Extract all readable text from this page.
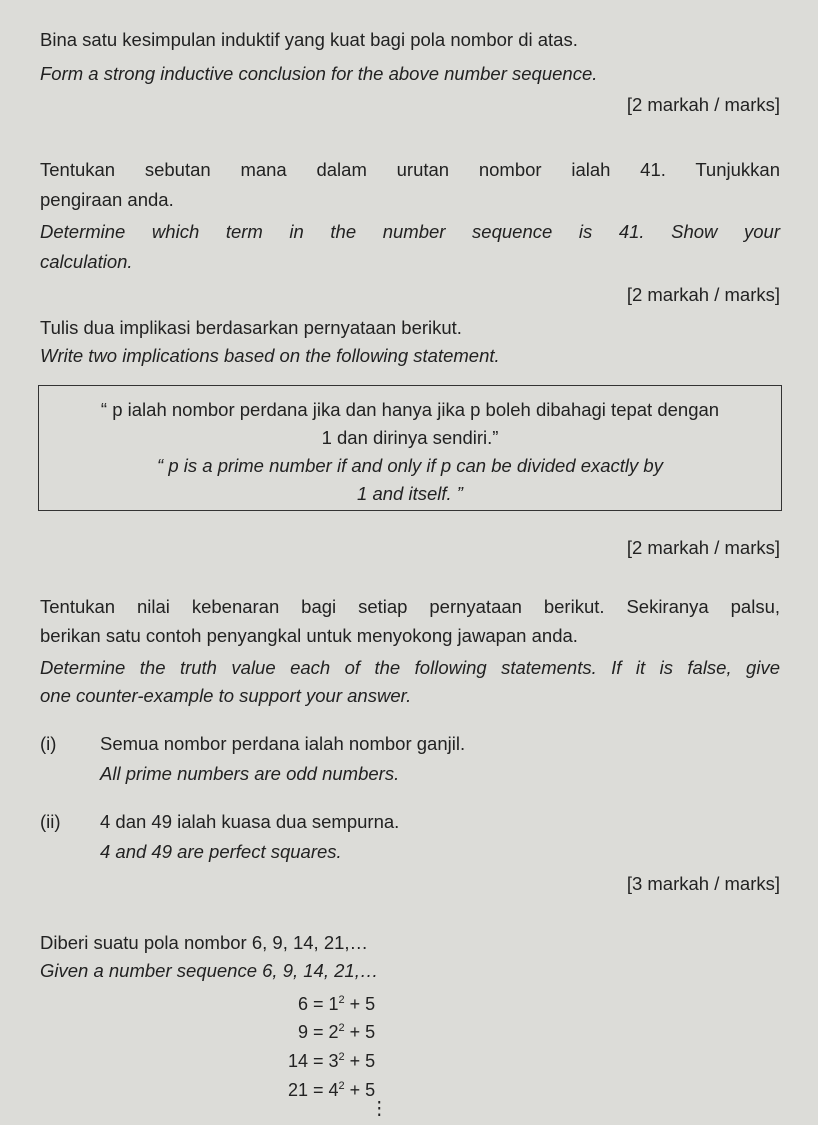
Bina satu kesimpulan induktif yang kuat bagi pola nombor di atas.
Form a strong inductive conclusion for the above number sequence.
[2 markah / marks]
Tentukan sebutan mana dalam urutan nombor ialah 41. Tunjukkan
pengiraan anda.
Determine which term in the number sequence is 41. Show your
calculation.
[2 markah / marks]
Tulis dua implikasi berdasarkan pernyataan berikut.
Write two implications based on the following statement.
“ p ialah nombor perdana jika dan hanya jika p boleh dibahagi tepat dengan
1 dan dirinya sendiri.”
“ p is a prime number if and only if p can be divided exactly by
1 and itself. ”
[2 markah / marks]
Tentukan nilai kebenaran bagi setiap pernyataan berikut. Sekiranya palsu,
berikan satu contoh penyangkal untuk menyokong jawapan anda.
Determine the truth value each of the following statements. If it is false, give
one counter-example to support your answer.
(i) Semua nombor perdana ialah nombor ganjil.
All prime numbers are odd numbers.
(ii) 4 dan 49 ialah kuasa dua sempurna.
4 and 49 are perfect squares.
[3 markah / marks]
Diberi suatu pola nombor 6, 9, 14, 21,…
Given a number sequence 6, 9, 14, 21,…
$6 = 1^2 + 5$
$9 = 2^2 + 5$
$14 = 3^2 + 5$
$21 = 4^2 + 5$
⋮
